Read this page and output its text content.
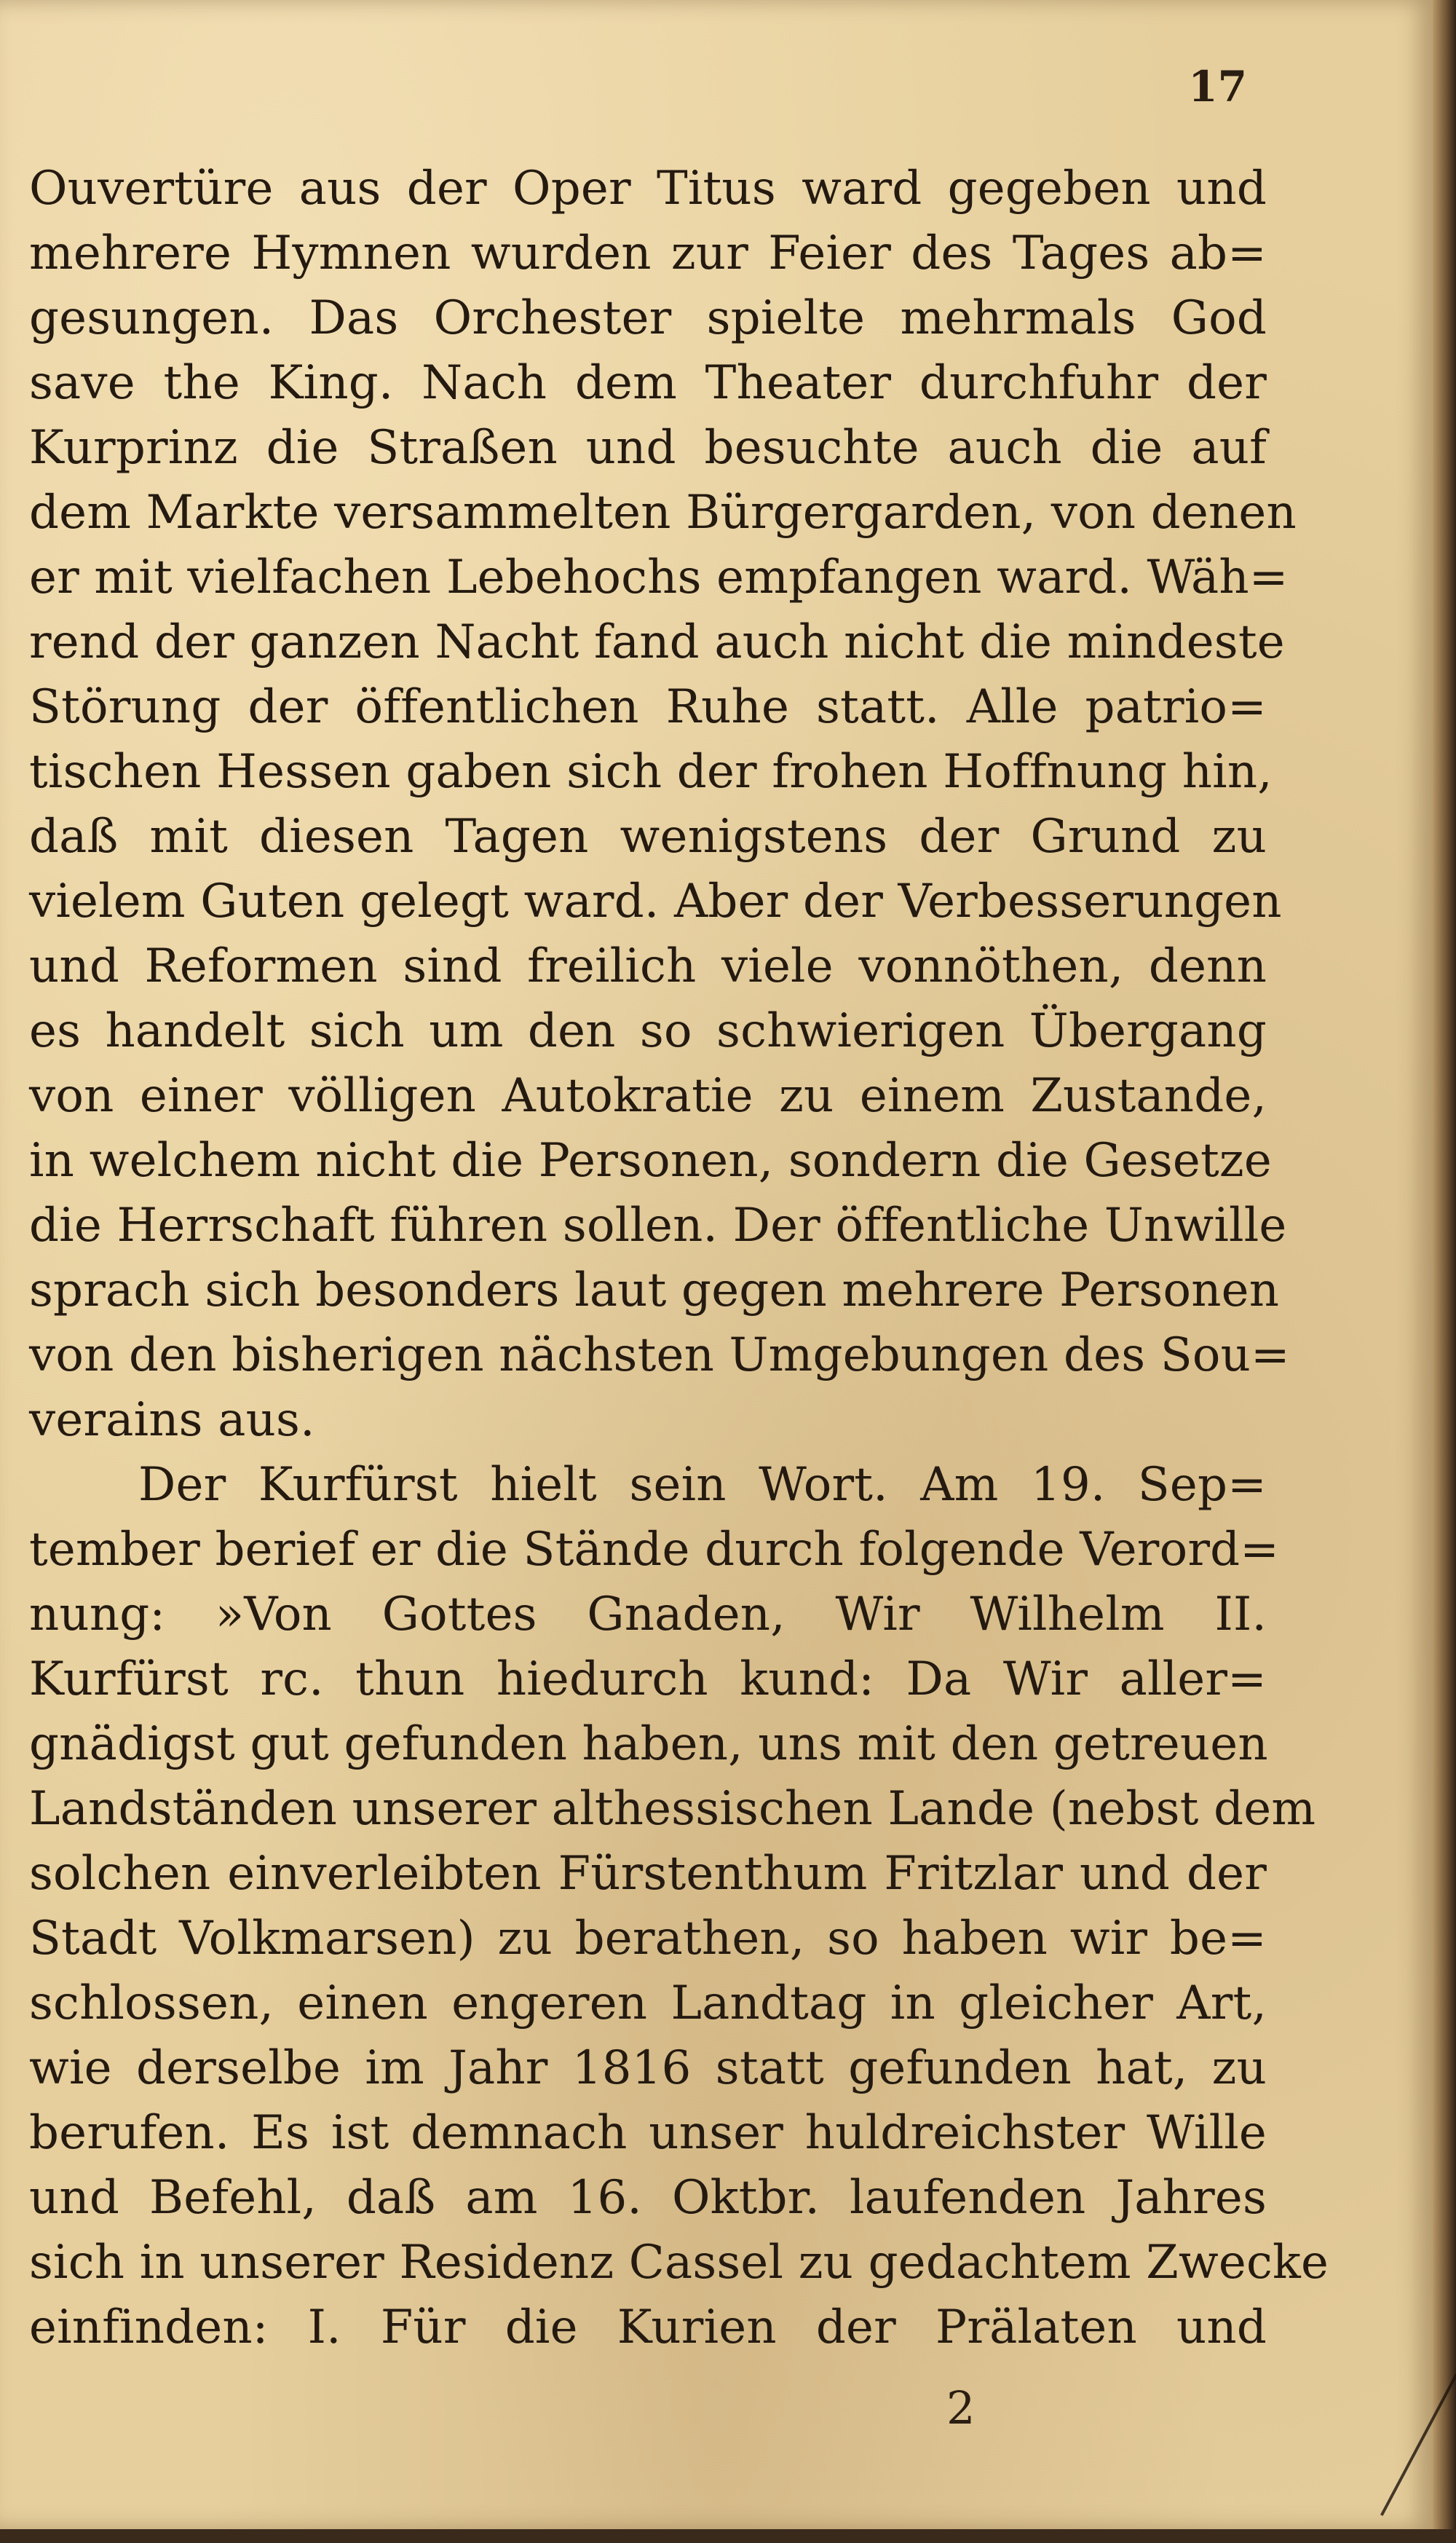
17
Ouvertüre aus der Oper Titus ward gegeben und
mehrere Hymnen wurden zur Feier des Tages ab=
gesungen. Das Orchester spielte mehrmals God
save the King. Nach dem Theater durchfuhr der
Kurprinz die Straßen und besuchte auch die auf
dem Markte versammelten Bürgergarden, von denen
er mit vielfachen Lebehochs empfangen ward. Wäh=
rend der ganzen Nacht fand auch nicht die mindeste
Störung der öffentlichen Ruhe statt. Alle patrio=
tischen Hessen gaben sich der frohen Hoffnung hin,
daß mit diesen Tagen wenigstens der Grund zu
vielem Guten gelegt ward. Aber der Verbesserungen
und Reformen sind freilich viele vonnöthen, denn
es handelt sich um den so schwierigen Übergang
von einer völligen Autokratie zu einem Zustande,
in welchem nicht die Personen, sondern die Gesetze
die Herrschaft führen sollen. Der öffentliche Unwille
sprach sich besonders laut gegen mehrere Personen
von den bisherigen nächsten Umgebungen des Sou=
verains aus.
Der Kurfürst hielt sein Wort. Am 19. Sep=
tember berief er die Stände durch folgende Verord=
nung: »Von Gottes Gnaden, Wir Wilhelm II.
Kurfürst rc. thun hiedurch kund: Da Wir aller=
gnädigst gut gefunden haben, uns mit den getreuen
Landständen unserer althessischen Lande (nebst dem
solchen einverleibten Fürstenthum Fritzlar und der
Stadt Volkmarsen) zu berathen, so haben wir be=
schlossen, einen engeren Landtag in gleicher Art,
wie derselbe im Jahr 1816 statt gefunden hat, zu
berufen. Es ist demnach unser huldreichster Wille
und Befehl, daß am 16. Oktbr. laufenden Jahres
sich in unserer Residenz Cassel zu gedachtem Zwecke
einfinden: I. Für die Kurien der Prälaten und
2
